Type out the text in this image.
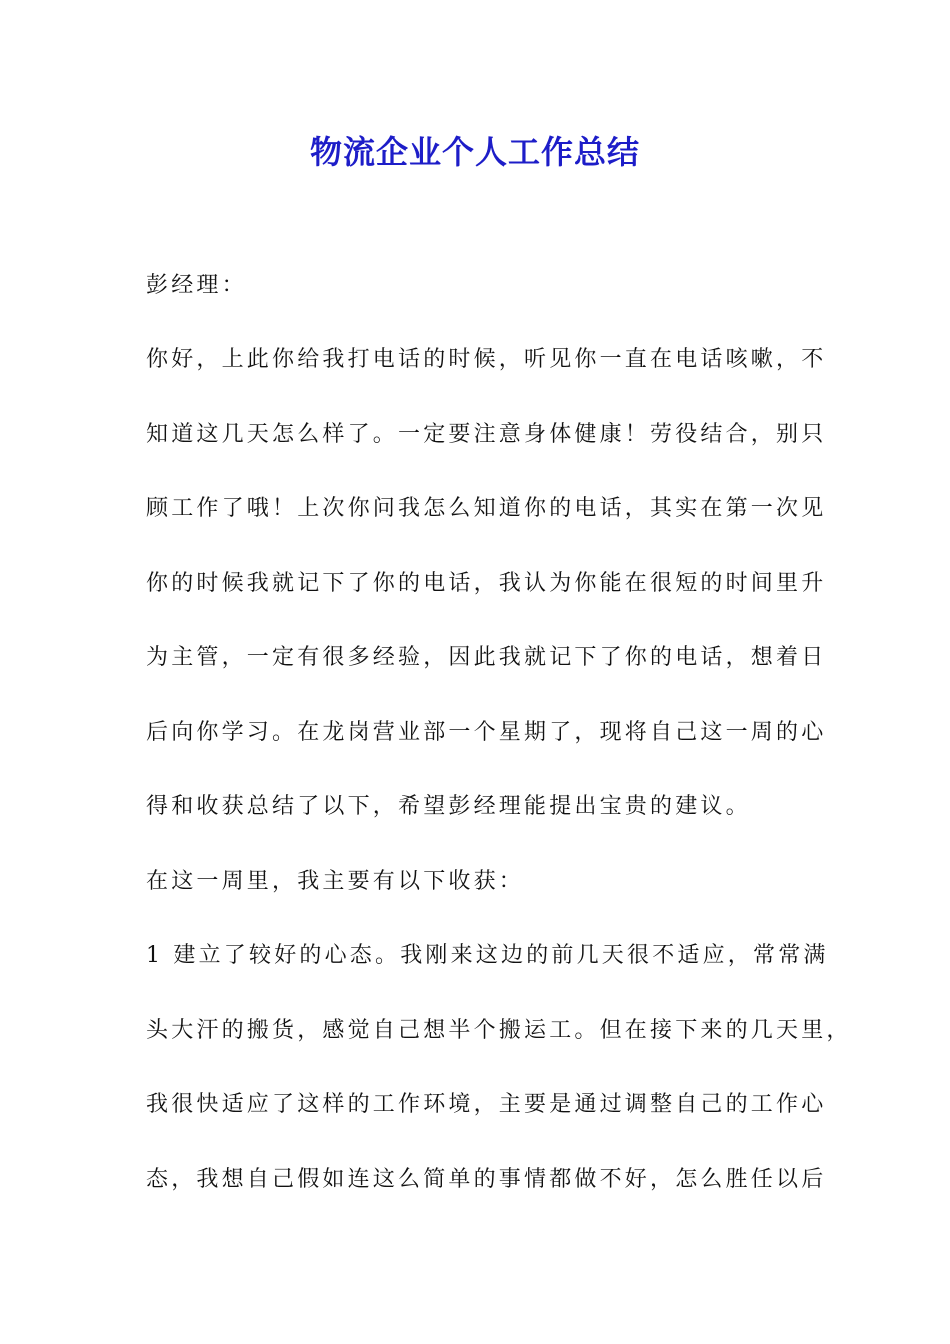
物流企业个人工作总结
彭经理：
你好，上此你给我打电话的时候，听见你一直在电话咳嗽，不
知道这几天怎么样了。一定要注意身体健康！劳役结合，别只
顾工作了哦！上次你问我怎么知道你的电话，其实在第一次见
你的时候我就记下了你的电话，我认为你能在很短的时间里升
为主管，一定有很多经验，因此我就记下了你的电话，想着日
后向你学习。在龙岗营业部一个星期了，现将自己这一周的心
得和收获总结了以下，希望彭经理能提出宝贵的建议。
在这一周里，我主要有以下收获：
1 建立了较好的心态。我刚来这边的前几天很不适应，常常满
头大汗的搬货，感觉自己想半个搬运工。但在接下来的几天里，
我很快适应了这样的工作环境，主要是通过调整自己的工作心
态，我想自己假如连这么简单的事情都做不好，怎么胜任以后
